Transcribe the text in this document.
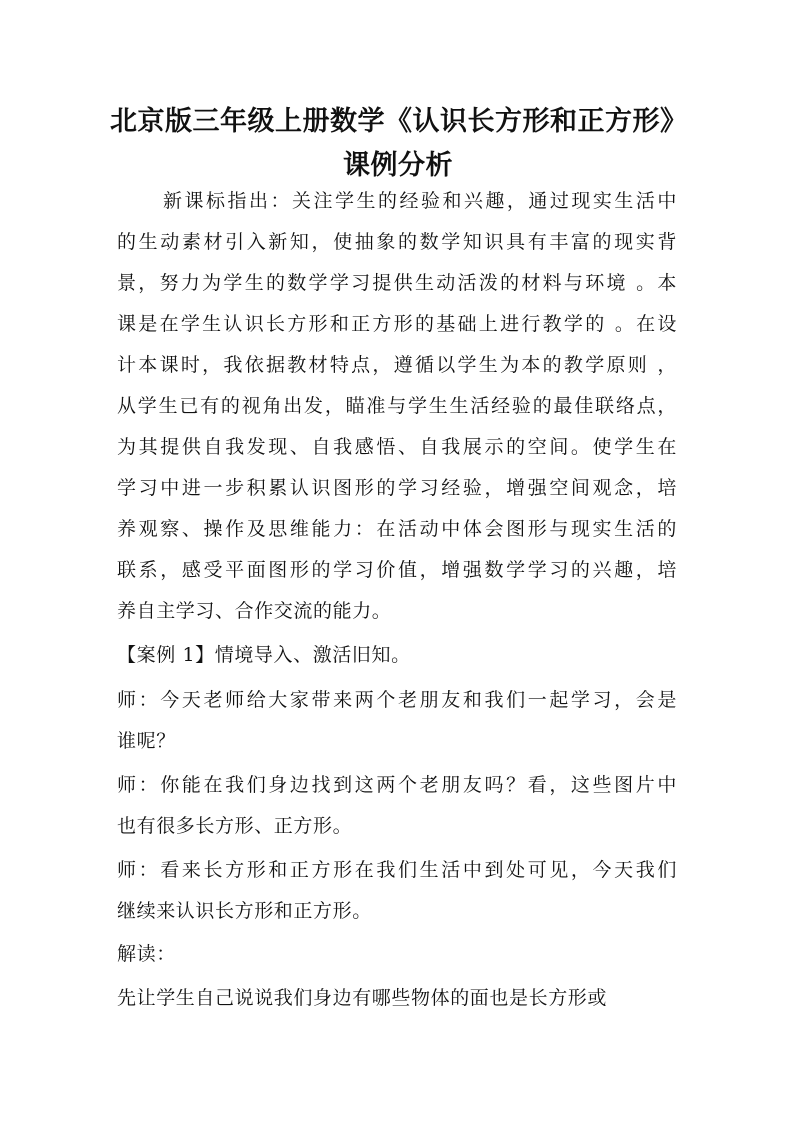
北京版三年级上册数学《认识长方形和正方形》
课例分析
新课标指出：关注学生的经验和兴趣，通过现实生活中
的生动素材引入新知，使抽象的数学知识具有丰富的现实背
景，努力为学生的数学学习提供生动活泼的材料与环境 。本
课是在学生认识长方形和正方形的基础上进行教学的 。在设
计本课时，我依据教材特点，遵循以学生为本的教学原则 ，
从学生已有的视角出发，瞄准与学生生活经验的最佳联络点，
为其提供自我发现、自我感悟、自我展示的空间。使学生在
学习中进一步积累认识图形的学习经验，增强空间观念，培
养观察、操作及思维能力：在活动中体会图形与现实生活的
联系，感受平面图形的学习价值，增强数学学习的兴趣，培
养自主学习、合作交流的能力。
【案例 1】情境导入、激活旧知。
师：今天老师给大家带来两个老朋友和我们一起学习，会是
谁呢？
师：你能在我们身边找到这两个老朋友吗？看，这些图片中
也有很多长方形、正方形。
师：看来长方形和正方形在我们生活中到处可见，今天我们
继续来认识长方形和正方形。
解读：
先让学生自己说说我们身边有哪些物体的面也是长方形或
